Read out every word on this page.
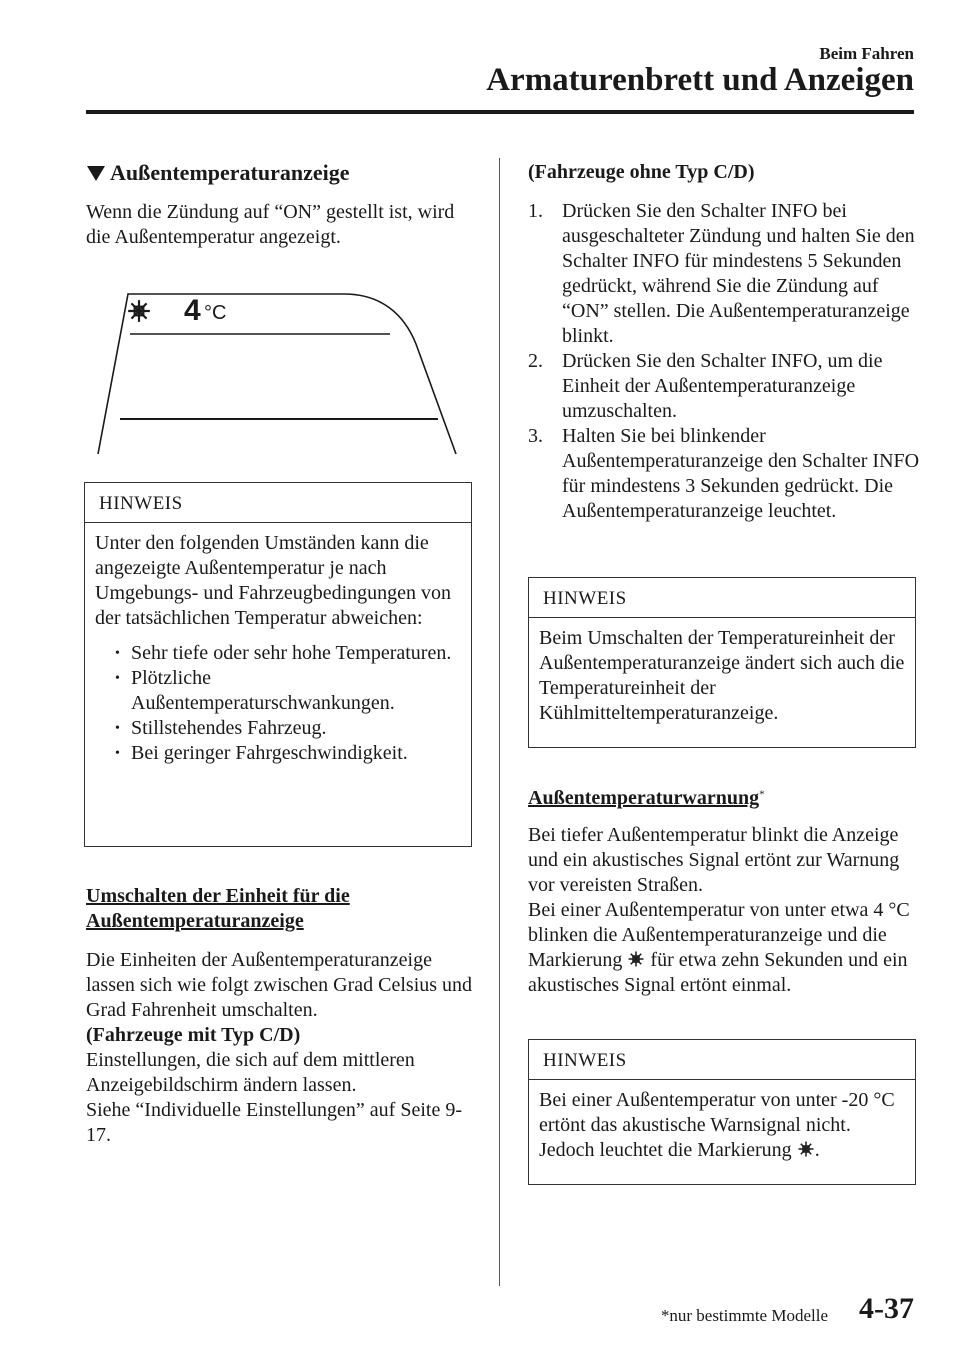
Beim Fahren
Armaturenbrett und Anzeigen
Außentemperaturanzeige
Wenn die Zündung auf “ON” gestellt ist, wird die Außentemperatur angezeigt.
4 °C
HINWEIS
Unter den folgenden Umständen kann die angezeigte Außentemperatur je nach Umgebungs- und Fahrzeugbedingungen von der tatsächlichen Temperatur abweichen:
• Sehr tiefe oder sehr hohe Temperaturen.
• Plötzliche Außentemperaturschwankungen.
• Stillstehendes Fahrzeug.
• Bei geringer Fahrgeschwindigkeit.
Umschalten der Einheit für die
Außentemperaturanzeige
Die Einheiten der Außentemperaturanzeige lassen sich wie folgt zwischen Grad Celsius und Grad Fahrenheit umschalten.
(Fahrzeuge mit Typ C/D)
Einstellungen, die sich auf dem mittleren Anzeigebildschirm ändern lassen.
Siehe “Individuelle Einstellungen” auf Seite 9-17.
(Fahrzeuge ohne Typ C/D)
1. Drücken Sie den Schalter INFO bei ausgeschalteter Zündung und halten Sie den Schalter INFO für mindestens 5 Sekunden gedrückt, während Sie die Zündung auf “ON” stellen. Die Außentemperaturanzeige blinkt.
2. Drücken Sie den Schalter INFO, um die Einheit der Außentemperaturanzeige umzuschalten.
3. Halten Sie bei blinkender Außentemperaturanzeige den Schalter INFO für mindestens 3 Sekunden gedrückt. Die Außentemperaturanzeige leuchtet.
HINWEIS
Beim Umschalten der Temperatureinheit der Außentemperaturanzeige ändert sich auch die Temperatureinheit der Kühlmitteltemperaturanzeige.
Außentemperaturwarnung*
Bei tiefer Außentemperatur blinkt die Anzeige und ein akustisches Signal ertönt zur Warnung vor vereisten Straßen.
Bei einer Außentemperatur von unter etwa 4 °C blinken die Außentemperaturanzeige und die Markierung für etwa zehn Sekunden und ein akustisches Signal ertönt einmal.
HINWEIS
Bei einer Außentemperatur von unter -20 °C ertönt das akustische Warnsignal nicht. Jedoch leuchtet die Markierung .
*nur bestimmte Modelle 4-37
